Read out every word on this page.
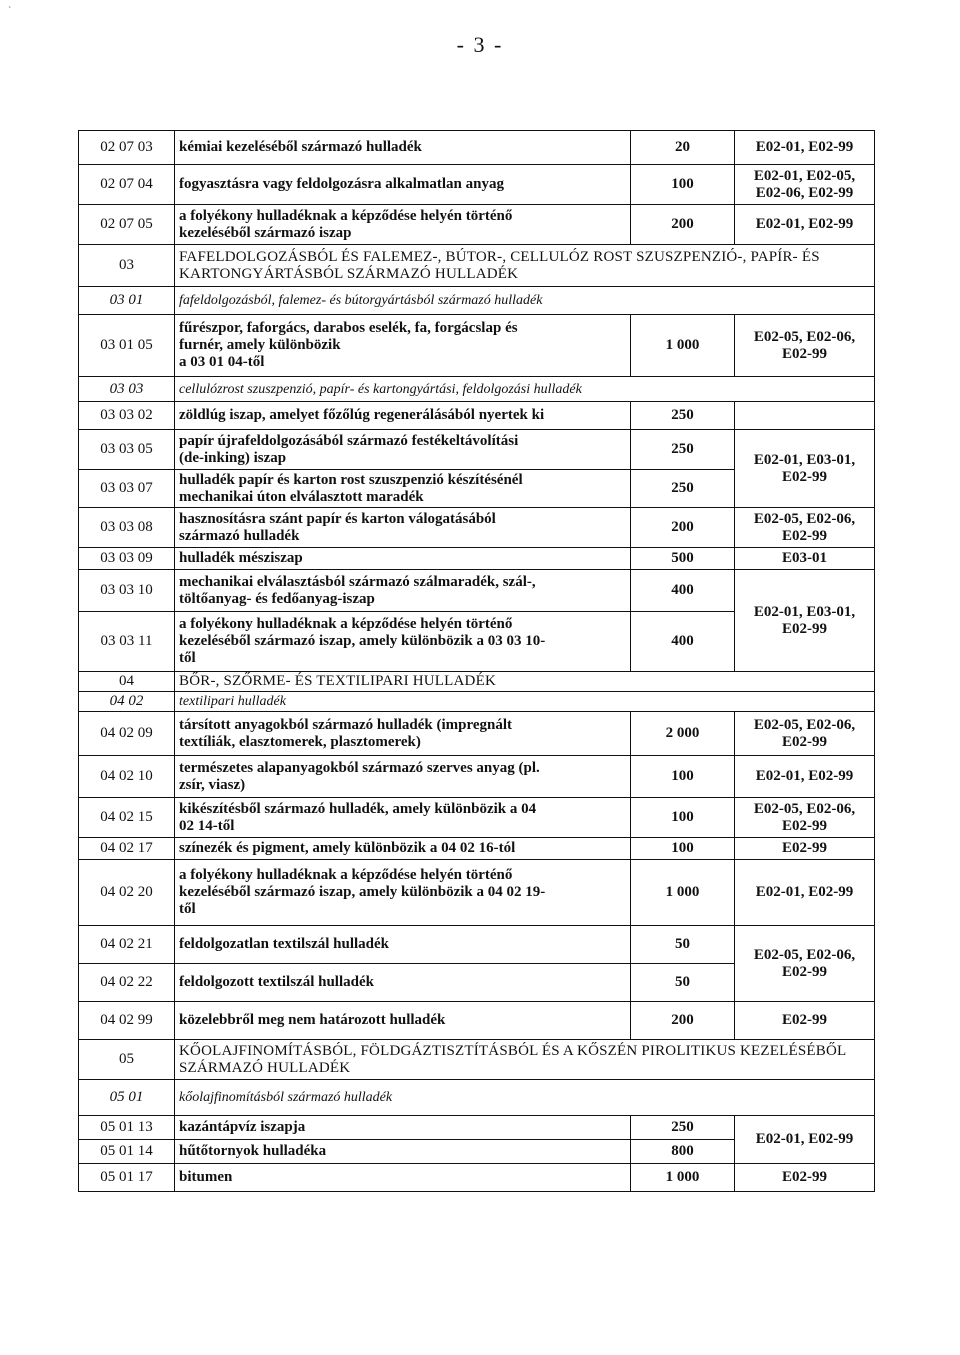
`
- 3 -
02 07 03	kémiai kezeléséből származó hulladék	20	E02-01, E02-99
02 07 04	fogyasztásra vagy feldolgozásra alkalmatlan anyag	100	E02-01, E02-05,
E02-06, E02-99

02 07 05	a folyékony hulladéknak a képződése helyén történő
kezeléséből származó iszap	200	E02-01, E02-99
03	FAFELDOLGOZÁSBÓL ÉS FALEMEZ-, BÚTOR-, CELLULÓZ ROST SZUSZPENZIÓ-, PAPÍR- ÉS KARTONGYÁRTÁSBÓL SZÁRMAZÓ HULLADÉK		
03 01	fafeldolgozásból, falemez- és bútorgyártásból származó hulladék		
03 01 05	fűrészpor, faforgács, darabos eselék, fa, forgácslap és
furnér, amely különbözik
a 03 01 04-től	1 000	E02-05, E02-06,
E02-99

03 03	cellulózrost szuszpenzió, papír- és kartongyártási, feldolgozási hulladék		
03 03 02	zöldlúg iszap, amelyet főzőlúg regenerálásából nyertek ki	250	
03 03 05	papír újrafeldolgozásából származó festékeltávolítási
(de-inking) iszap	250	E02-01, E03-01,
E02-99

03 03 07	hulladék papír és karton rost szuszpenzió készítésénél
mechanikai úton elválasztott maradék	250	
03 03 08	hasznosításra szánt papír és karton válogatásából
származó hulladék	200	E02-05, E02-06,
E02-99

03 03 09	hulladék mésziszap	500	E03-01
03 03 10	mechanikai elválasztásból származó szálmaradék, szál-,
töltőanyag- és fedőanyag-iszap	400	E02-01, E03-01,
E02-99

03 03 11	a folyékony hulladéknak a képződése helyén történő
kezeléséből származó iszap, amely különbözik a 03 03 10-
től	400	
04	BŐR-, SZŐRME- ÉS TEXTILIPARI HULLADÉK		
04 02	textilipari hulladék		
04 02 09	társított anyagokból származó hulladék (impregnált
textíliák, elasztomerek, plasztomerek)	2 000	E02-05, E02-06,
E02-99

04 02 10	természetes alapanyagokból származó szerves anyag (pl.
zsír, viasz)	100	E02-01, E02-99
04 02 15	kikészítésből származó hulladék, amely különbözik a 04
02 14-től	100	E02-05, E02-06,
E02-99

04 02 17	színezék és pigment, amely különbözik a 04 02 16-tól	100	E02-99
04 02 20	a folyékony hulladéknak a képződése helyén történő
kezeléséből származó iszap, amely különbözik a 04 02 19-
től	1 000	E02-01, E02-99
04 02 21	feldolgozatlan textilszál hulladék	50	E02-05, E02-06,
E02-99

04 02 22	feldolgozott textilszál hulladék	50	
04 02 99	közelebbről meg nem határozott hulladék	200	E02-99
05	KŐOLAJFINOMÍTÁSBÓL, FÖLDGÁZTISZTÍTÁSBÓL ÉS A KŐSZÉN PIROLITIKUS KEZELÉSÉBŐL SZÁRMAZÓ HULLADÉK		
05 01	kőolajfinomításból származó hulladék		
05 01 13	kazántápvíz iszapja	250	E02-01, E02-99
05 01 14	hűtőtornyok hulladéka	800	
05 01 17	bitumen	1 000	E02-99
